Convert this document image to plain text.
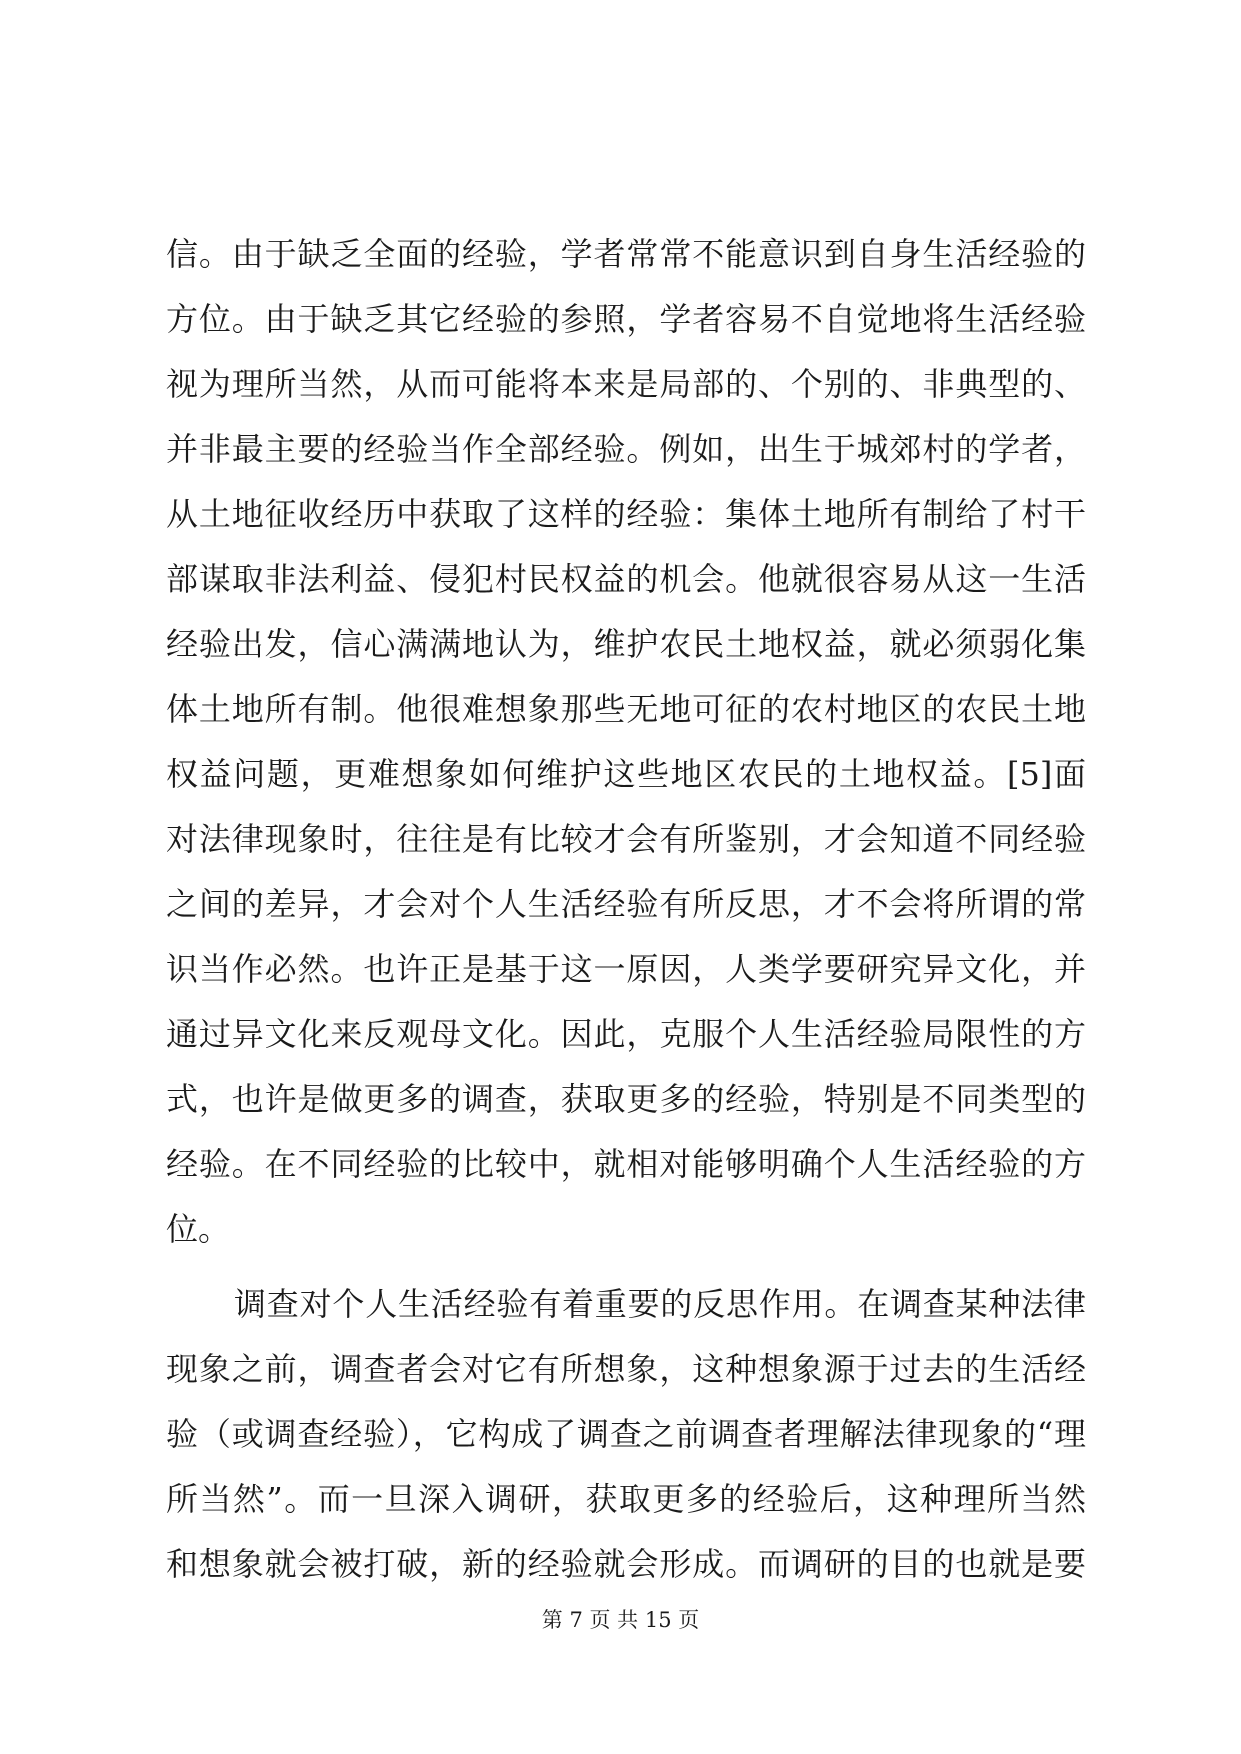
信。由于缺乏全面的经验，学者常常不能意识到自身生活经验的
方位。由于缺乏其它经验的参照，学者容易不自觉地将生活经验
视为理所当然，从而可能将本来是局部的、个别的、非典型的、
并非最主要的经验当作全部经验。例如，出生于城郊村的学者，
从土地征收经历中获取了这样的经验：集体土地所有制给了村干
部谋取非法利益、侵犯村民权益的机会。他就很容易从这一生活
经验出发，信心满满地认为，维护农民土地权益，就必须弱化集
体土地所有制。他很难想象那些无地可征的农村地区的农民土地
权益问题，更难想象如何维护这些地区农民的土地权益。[5]面
对法律现象时，往往是有比较才会有所鉴别，才会知道不同经验
之间的差异，才会对个人生活经验有所反思，才不会将所谓的常
识当作必然。也许正是基于这一原因，人类学要研究异文化，并
通过异文化来反观母文化。因此，克服个人生活经验局限性的方
式，也许是做更多的调查，获取更多的经验，特别是不同类型的
经验。在不同经验的比较中，就相对能够明确个人生活经验的方
位。
调查对个人生活经验有着重要的反思作用。在调查某种法律
现象之前，调查者会对它有所想象，这种想象源于过去的生活经
验（或调查经验），它构成了调查之前调查者理解法律现象的“理
所当然”。而一旦深入调研，获取更多的经验后，这种理所当然
和想象就会被打破，新的经验就会形成。而调研的目的也就是要
第 7 页 共 15 页
